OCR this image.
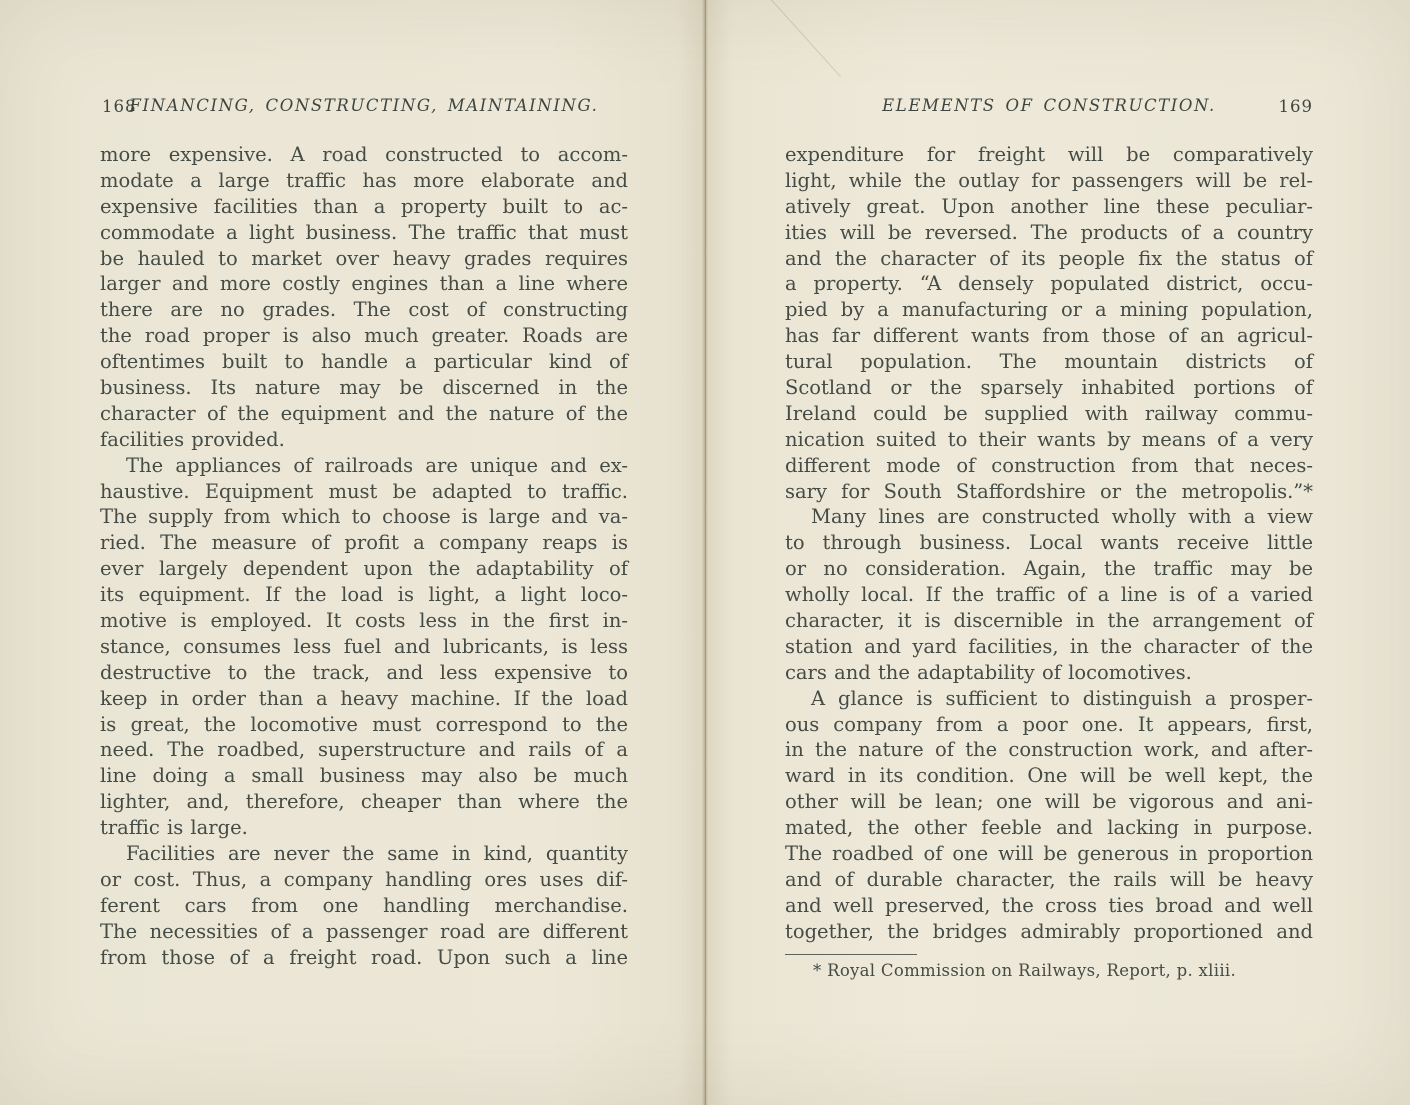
168
FINANCING, CONSTRUCTING, MAINTAINING.
more expensive. A road constructed to accom-
modate a large traffic has more elaborate and
expensive facilities than a property built to ac-
commodate a light business. The traffic that must
be hauled to market over heavy grades requires
larger and more costly engines than a line where
there are no grades. The cost of constructing
the road proper is also much greater. Roads are
oftentimes built to handle a particular kind of
business. Its nature may be discerned in the
character of the equipment and the nature of the
facilities provided.
The appliances of railroads are unique and ex-
haustive. Equipment must be adapted to traffic.
The supply from which to choose is large and va-
ried. The measure of profit a company reaps is
ever largely dependent upon the adaptability of
its equipment. If the load is light, a light loco-
motive is employed. It costs less in the first in-
stance, consumes less fuel and lubricants, is less
destructive to the track, and less expensive to
keep in order than a heavy machine. If the load
is great, the locomotive must correspond to the
need. The roadbed, superstructure and rails of a
line doing a small business may also be much
lighter, and, therefore, cheaper than where the
traffic is large.
Facilities are never the same in kind, quantity
or cost. Thus, a company handling ores uses dif-
ferent cars from one handling merchandise.
The necessities of a passenger road are different
from those of a freight road. Upon such a line
ELEMENTS OF CONSTRUCTION.	169
expenditure for freight will be comparatively
light, while the outlay for passengers will be rel-
atively great. Upon another line these peculiar-
ities will be reversed. The products of a country
and the character of its people fix the status of
a property. “A densely populated district, occu-
pied by a manufacturing or a mining population,
has far different wants from those of an agricul-
tural population. The mountain districts of
Scotland or the sparsely inhabited portions of
Ireland could be supplied with railway commu-
nication suited to their wants by means of a very
different mode of construction from that neces-
sary for South Staffordshire or the metropolis.”*
Many lines are constructed wholly with a view
to through business. Local wants receive little
or no consideration. Again, the traffic may be
wholly local. If the traffic of a line is of a varied
character, it is discernible in the arrangement of
station and yard facilities, in the character of the
cars and the adaptability of locomotives.
A glance is sufficient to distinguish a prosper-
ous company from a poor one. It appears, first,
in the nature of the construction work, and after-
ward in its condition. One will be well kept, the
other will be lean; one will be vigorous and ani-
mated, the other feeble and lacking in purpose.
The roadbed of one will be generous in proportion
and of durable character, the rails will be heavy
and well preserved, the cross ties broad and well
together, the bridges admirably proportioned and
* Royal Commission on Railways, Report, p. xliii.
